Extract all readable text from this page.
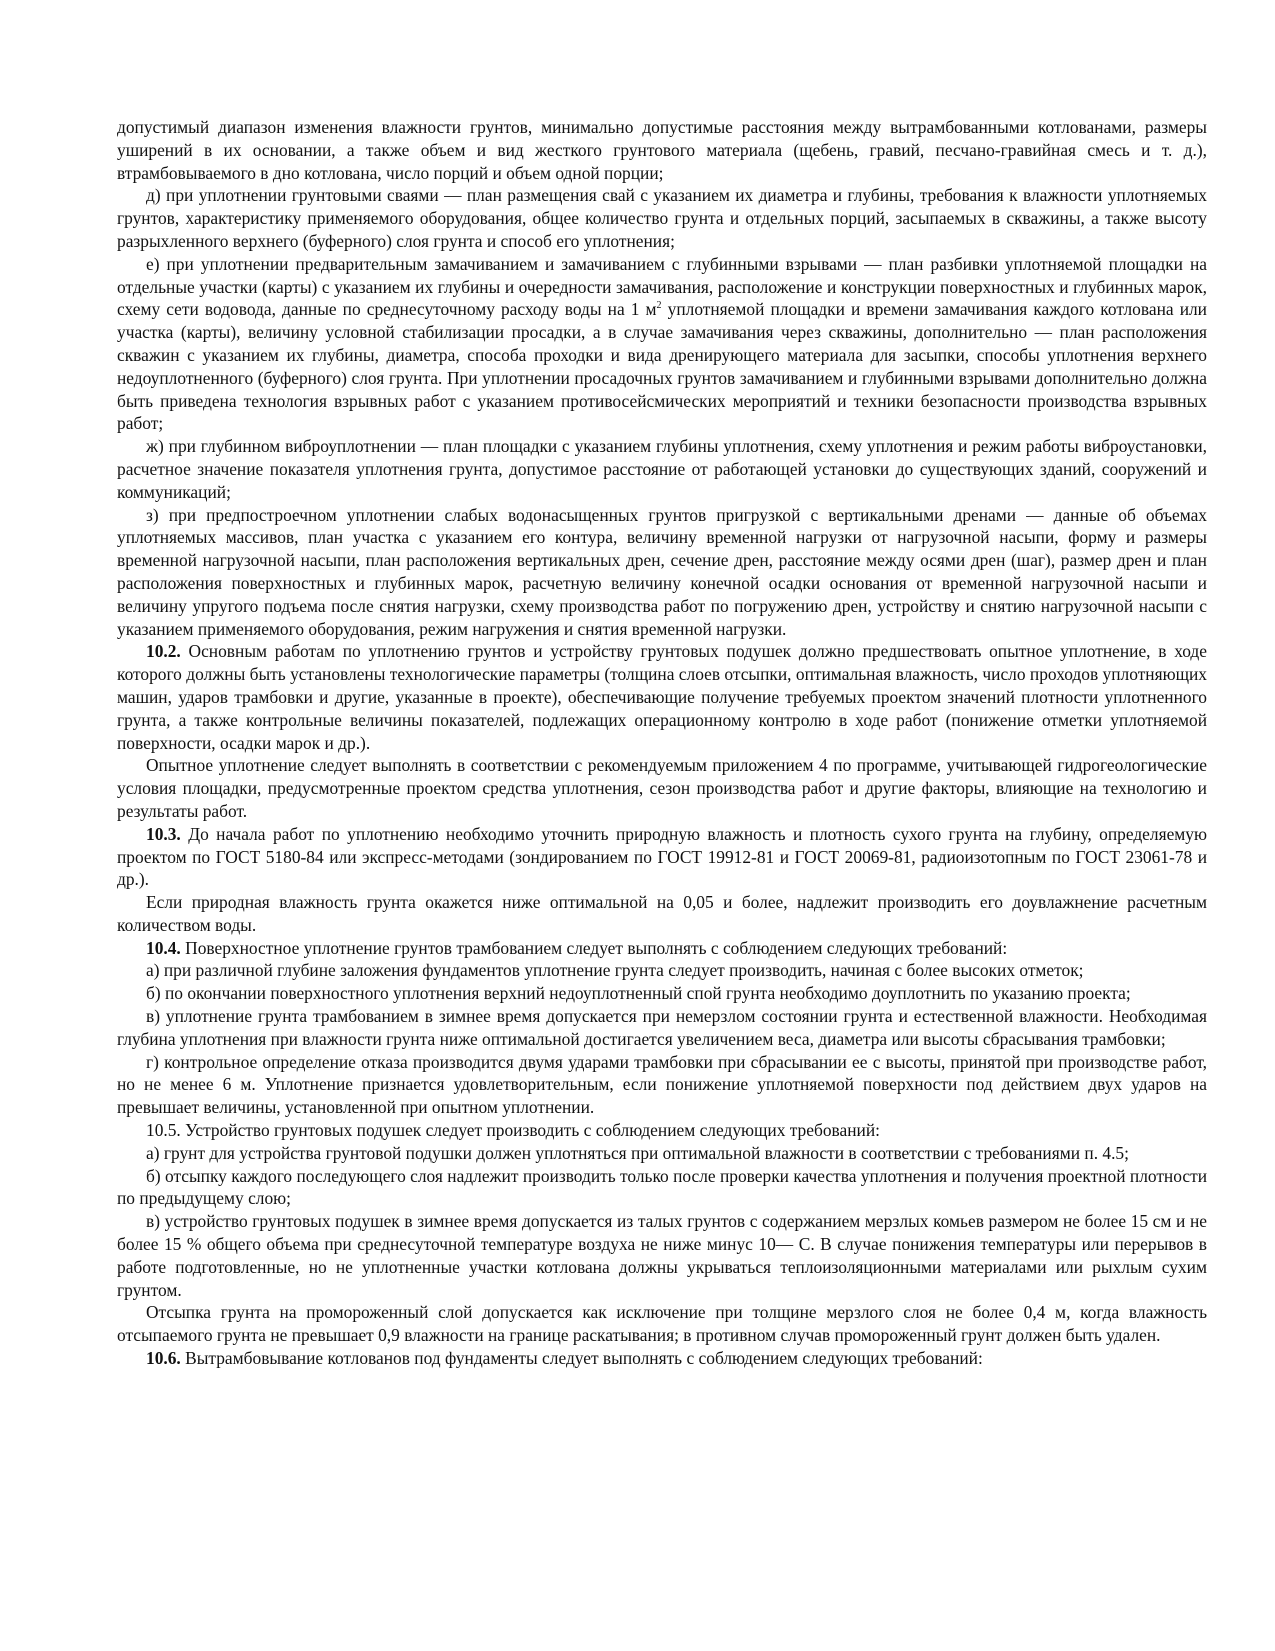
допустимый диапазон изменения влажности грунтов, минимально допустимые расстояния между вытрамбованными котлованами, размеры уширений в их основании, а также объем и вид жесткого грунтового материала (щебень, гравий, песчано-гравийная смесь и т. д.), втрамбовываемого в дно котлована, число порций и объем одной порции;

д) при уплотнении грунтовыми сваями — план размещения свай с указанием их диаметра и глубины, требования к влажности уплотняемых грунтов, характеристику применяемого оборудования, общее количество грунта и отдельных порций, засыпаемых в скважины, а также высоту разрыхленного верхнего (буферного) слоя грунта и способ его уплотнения;

е) при уплотнении предварительным замачиванием и замачиванием с глубинными взрывами — план разбивки уплотняемой площадки на отдельные участки (карты) с указанием их глубины и очередности замачивания, расположение и конструкции поверхностных и глубинных марок, схему сети водовода, данные по среднесуточному расходу воды на 1 $м^2$ уплотняемой площадки и времени замачивания каждого котлована или участка (карты), величину условной стабилизации просадки, а в случае замачивания через скважины, дополнительно — план расположения скважин с указанием их глубины, диаметра, способа проходки и вида дренирующего материала для засыпки, способы уплотнения верхнего недоуплотненного (буферного) слоя грунта. При уплотнении просадочных грунтов замачиванием и глубинными взрывами дополнительно должна быть приведена технология взрывных работ с указанием противосейсмических мероприятий и техники безопасности производства взрывных работ;

ж) при глубинном виброуплотнении — план площадки с указанием глубины уплотнения, схему уплотнения и режим работы виброустановки, расчетное значение показателя уплотнения грунта, допустимое расстояние от работающей установки до существующих зданий, сооружений и коммуникаций;

з) при предпостроечном уплотнении слабых водонасыщенных грунтов пригрузкой с вертикальными дренами — данные об объемах уплотняемых массивов, план участка с указанием его контура, величину временной нагрузки от нагрузочной насыпи, форму и размеры временной нагрузочной насыпи, план расположения вертикальных дрен, сечение дрен, расстояние между осями дрен (шаг), размер дрен и план расположения поверхностных и глубинных марок, расчетную величину конечной осадки основания от временной нагрузочной насыпи и величину упругого подъема после снятия нагрузки, схему производства работ по погружению дрен, устройству и снятию нагрузочной насыпи с указанием применяемого оборудования, режим нагружения и снятия временной нагрузки.

10.2. Основным работам по уплотнению грунтов и устройству грунтовых подушек должно предшествовать опытное уплотнение, в ходе которого должны быть установлены технологические параметры (толщина слоев отсыпки, оптимальная влажность, число проходов уплотняющих машин, ударов трамбовки и другие, указанные в проекте), обеспечивающие получение требуемых проектом значений плотности уплотненного грунта, а также контрольные величины показателей, подлежащих операционному контролю в ходе работ (понижение отметки уплотняемой поверхности, осадки марок и др.).

Опытное уплотнение следует выполнять в соответствии с рекомендуемым приложением 4 по программе, учитывающей гидрогеологические условия площадки, предусмотренные проектом средства уплотнения, сезон производства работ и другие факторы, влияющие на технологию и результаты работ.

10.3. До начала работ по уплотнению необходимо уточнить природную влажность и плотность сухого грунта на глубину, определяемую проектом по ГОСТ 5180-84 или экспресс-методами (зондированием по ГОСТ 19912-81 и ГОСТ 20069-81, радиоизотопным по ГОСТ 23061-78 и др.).

Если природная влажность грунта окажется ниже оптимальной на 0,05 и более, надлежит производить его доувлажнение расчетным количеством воды.

10.4. Поверхностное уплотнение грунтов трамбованием следует выполнять с соблюдением следующих требований:

а) при различной глубине заложения фундаментов уплотнение грунта следует производить, начиная с более высоких отметок;

б) по окончании поверхностного уплотнения верхний недоуплотненный спой грунта необходимо доуплотнить по указанию проекта;

в) уплотнение грунта трамбованием в зимнее время допускается при немерзлом состоянии грунта и естественной влажности. Необходимая глубина уплотнения при влажности грунта ниже оптимальной достигается увеличением веса, диаметра или высоты сбрасывания трамбовки;

г) контрольное определение отказа производится двумя ударами трамбовки при сбрасывании ее с высоты, принятой при производстве работ, но не менее 6 м. Уплотнение признается удовлетворительным, если понижение уплотняемой поверхности под действием двух ударов на превышает величины, установленной при опытном уплотнении.

10.5. Устройство грунтовых подушек следует производить с соблюдением следующих требований:

а) грунт для устройства грунтовой подушки должен уплотняться при оптимальной влажности в соответствии с требованиями п. 4.5;

б) отсыпку каждого последующего слоя надлежит производить только после проверки качества уплотнения и получения проектной плотности по предыдущему слою;

в) устройство грунтовых подушек в зимнее время допускается из талых грунтов с содержанием мерзлых комьев размером не более 15 см и не более 15 % общего объема при среднесуточной температуре воздуха не ниже минус 10— С. В случае понижения температуры или перерывов в работе подготовленные, но не уплотненные участки котлована должны укрываться теплоизоляционными материалами или рыхлым сухим грунтом.

Отсыпка грунта на промороженный слой допускается как исключение при толщине мерзлого слоя не более 0,4 м, когда влажность отсыпаемого грунта не превышает 0,9 влажности на границе раскатывания; в противном случав промороженный грунт должен быть удален.

10.6. Вытрамбовывание котлованов под фундаменты следует выполнять с соблюдением следующих требований:
